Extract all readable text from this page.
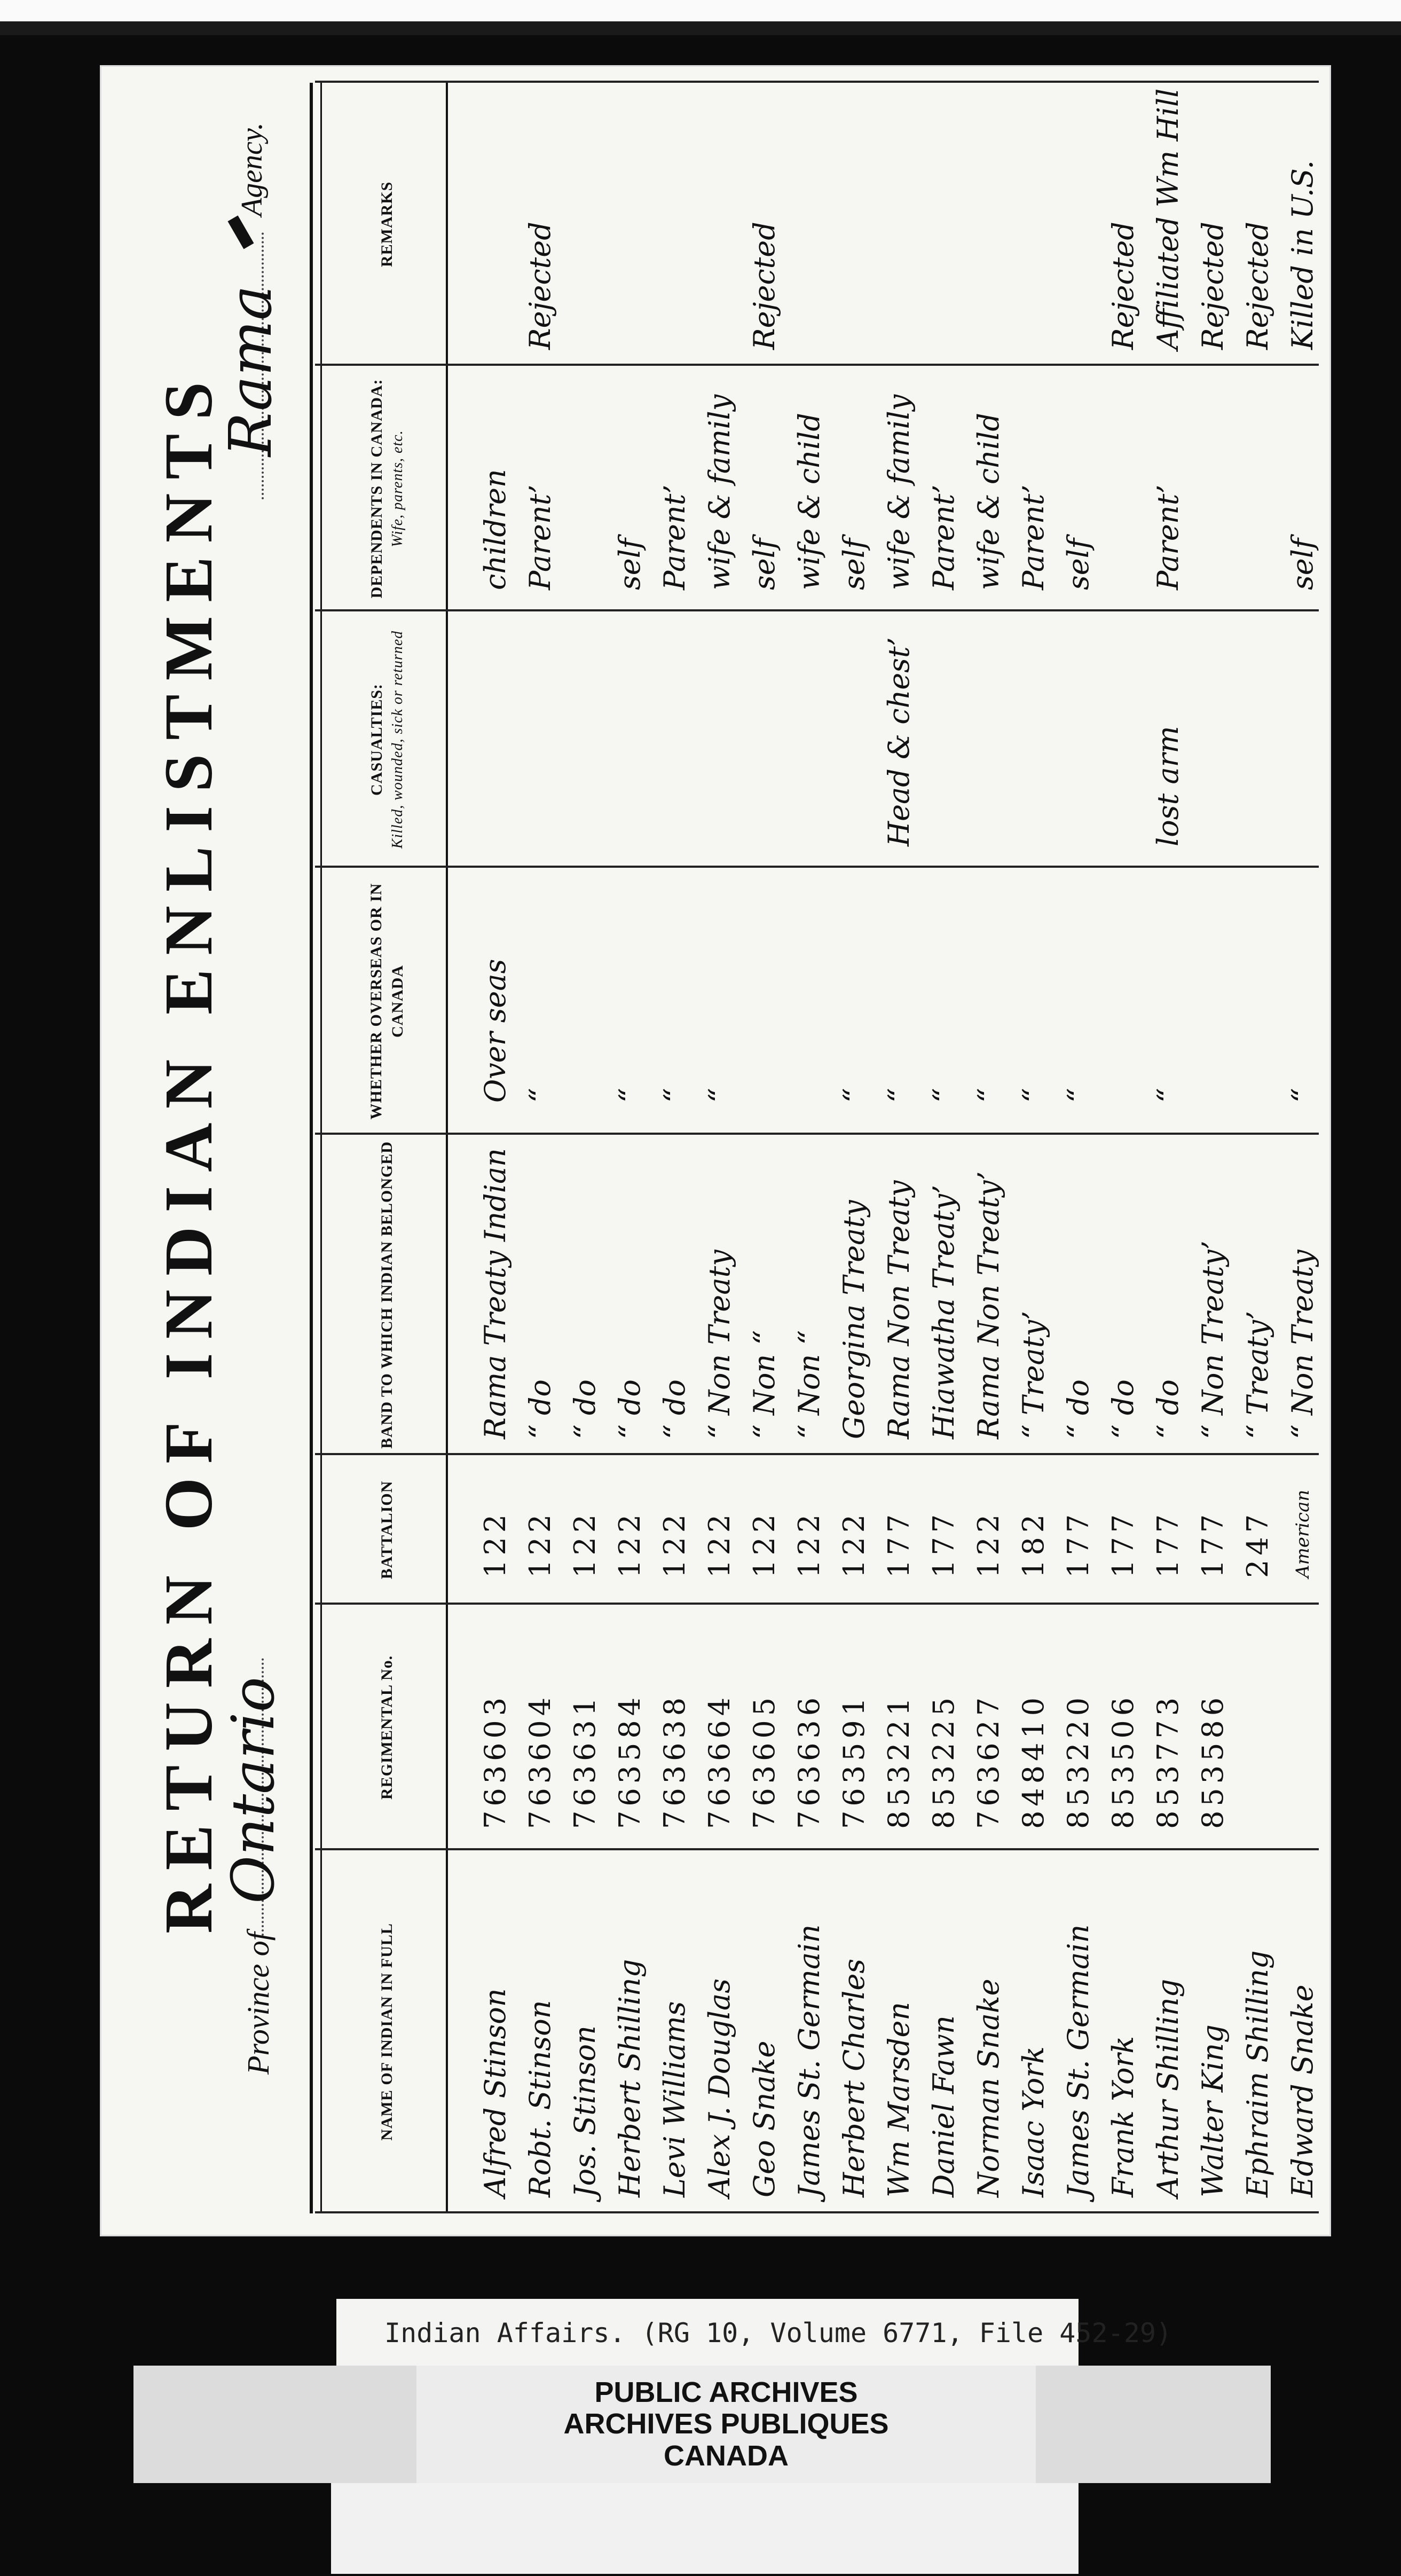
RETURN OF INDIAN ENLISTMENTS
Province of
Ontario
Rama
Agency.
NAME OF INDIAN IN FULL
REGIMENTAL No.
BATTALION
BAND TO WHICH INDIAN BELONGED
WHETHER OVERSEAS OR IN CANADA
CASUALTIES: Killed, wounded, sick or returned
DEPENDENTS IN CANADA: Wife, parents, etc.
REMARKS
Alfred Stinson
763603
122
Rama Treaty Indian
Over seas
children
Robt. Stinson
763604
122
“ do
“
Parent’
Rejected
Jos. Stinson
763631
122
“ do
Herbert Shilling
763584
122
“ do
“
self
Levi Williams
763638
122
“ do
“
Parent’
Alex J. Douglas
763664
122
“ Non Treaty
“
wife & family
Geo Snake
763605
122
“ Non “
self
Rejected
James St. Germain
763636
122
“ Non “
wife & child
Herbert Charles
763591
122
Georgina Treaty
“
self
Wm Marsden
853221
177
Rama Non Treaty
“
Head & chest’
wife & family
Daniel Fawn
853225
177
Hiawatha Treaty’
“
Parent’
Norman Snake
763627
122
Rama Non Treaty’
“
wife & child
Isaac York
848410
182
“ Treaty’
“
Parent’
James St. Germain
853220
177
“ do
“
self
Frank York
853506
177
“ do
Rejected
Arthur Shilling
853773
177
“ do
“
lost arm
Parent’
Affiliated Wm Hill
Walter King
853586
177
“ Non Treaty’
Rejected
Ephraim Shilling
247
“ Treaty’
Rejected
Edward Snake
American
“ Non Treaty
“
self
Killed in U.S.
Indian Affairs. (RG 10, Volume 6771, File 452-29)
PUBLIC ARCHIVES
ARCHIVES PUBLIQUES
CANADA
